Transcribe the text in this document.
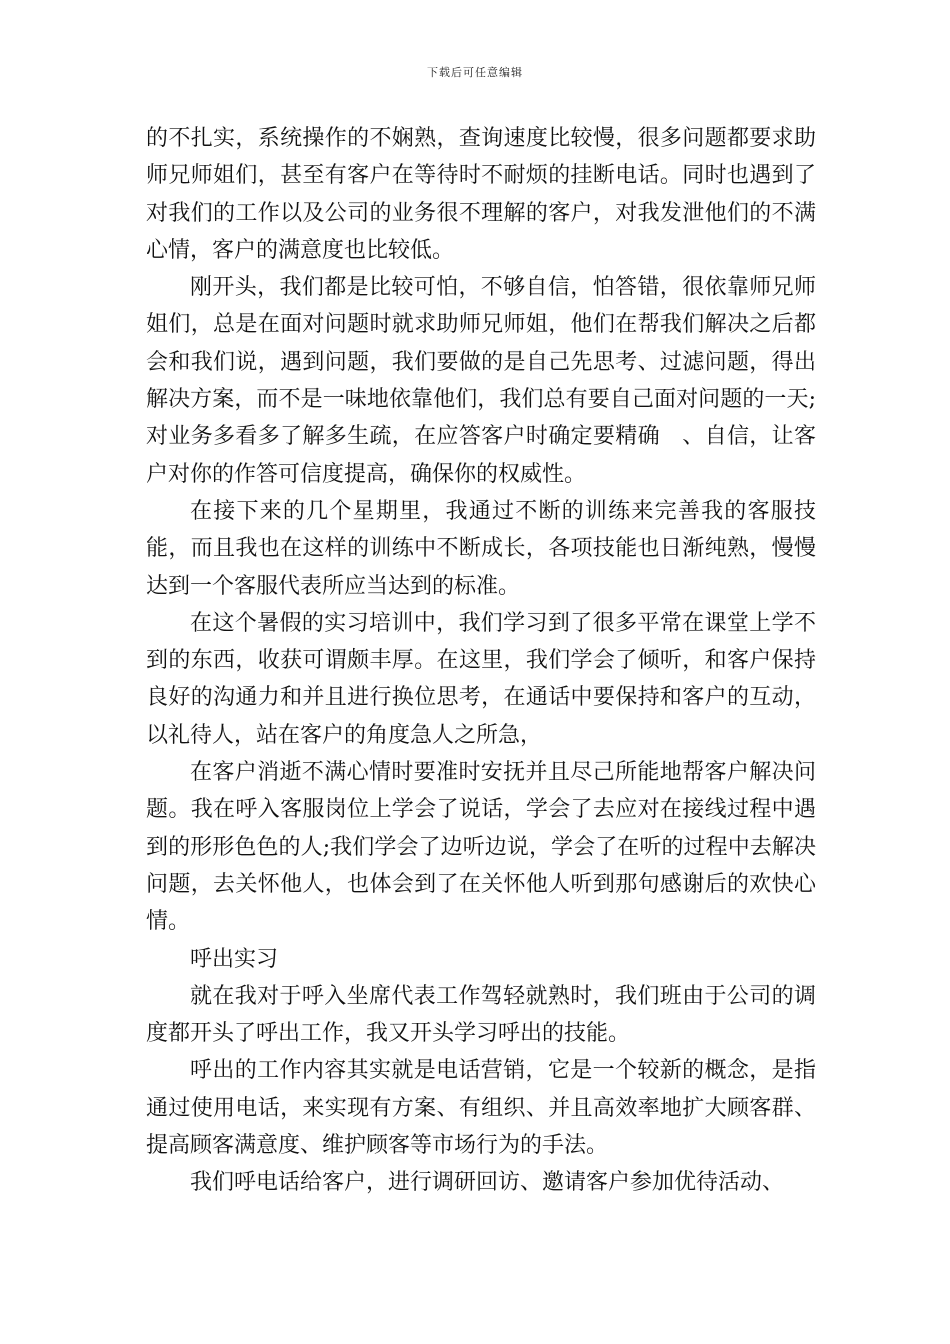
下载后可任意编辑

的不扎实，系统操作的不娴熟，查询速度比较慢，很多问题都要求助师兄师姐们，甚至有客户在等待时不耐烦的挂断电话。同时也遇到了对我们的工作以及公司的业务很不理解的客户，对我发泄他们的不满心情，客户的满意度也比较低。

刚开头，我们都是比较可怕，不够自信，怕答错，很依靠师兄师姐们，总是在面对问题时就求助师兄师姐，他们在帮我们解决之后都会和我们说，遇到问题，我们要做的是自己先思考、过滤问题，得出解决方案，而不是一味地依靠他们，我们总有要自己面对问题的一天;对业务多看多了解多生疏，在应答客户时确定要精确　、自信，让客户对你的作答可信度提高，确保你的权威性。

在接下来的几个星期里，我通过不断的训练来完善我的客服技能，而且我也在这样的训练中不断成长，各项技能也日渐纯熟，慢慢达到一个客服代表所应当达到的标准。

在这个暑假的实习培训中，我们学习到了很多平常在课堂上学不到的东西，收获可谓颇丰厚。在这里，我们学会了倾听，和客户保持良好的沟通力和并且进行换位思考，在通话中要保持和客户的互动，以礼待人，站在客户的角度急人之所急，

在客户消逝不满心情时要准时安抚并且尽己所能地帮客户解决问题。我在呼入客服岗位上学会了说话，学会了去应对在接线过程中遇到的形形色色的人;我们学会了边听边说，学会了在听的过程中去解决问题，去关怀他人，也体会到了在关怀他人听到那句感谢后的欢快心情。

呼出实习

就在我对于呼入坐席代表工作驾轻就熟时，我们班由于公司的调度都开头了呼出工作，我又开头学习呼出的技能。

呼出的工作内容其实就是电话营销，它是一个较新的概念，是指通过使用电话，来实现有方案、有组织、并且高效率地扩大顾客群、提高顾客满意度、维护顾客等市场行为的手法。

我们呼电话给客户，进行调研回访、邀请客户参加优待活动、
